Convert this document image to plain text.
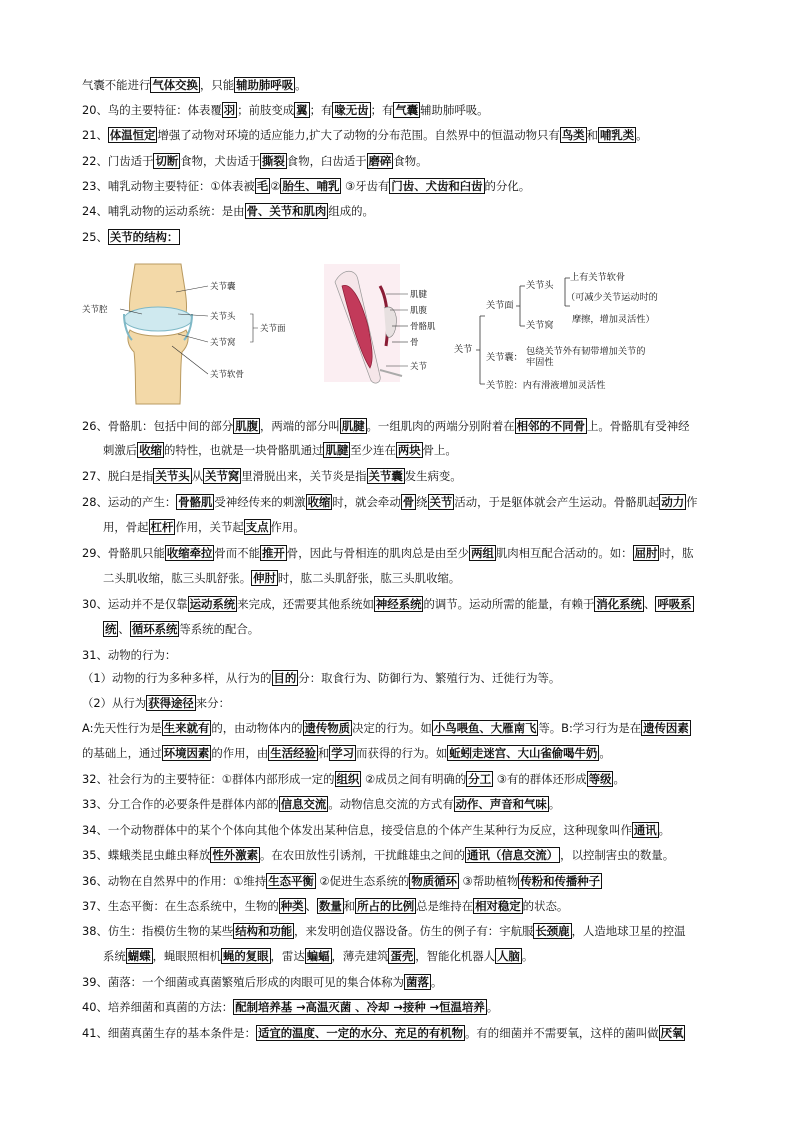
气囊不能进行 气体交换 ，只能 辅助肺呼吸 。
20、鸟的主要特征：体表覆 羽 ；前肢变成 翼 ；有 喙无齿 ；有 气囊 辅助肺呼吸。
21、 体温恒定 增强了动物对环境的适应能力,扩大了动物的分布范围。自然界中的恒温动物只有 鸟类 和 哺乳类 。
22、门齿适于 切断 食物，犬齿适于 撕裂 食物，臼齿适于 磨碎 食物。
23、哺乳动物主要特征：①体表被 毛 ② 胎生、哺乳 ③牙齿有 门齿、犬齿和臼齿 的分化。
24、哺乳动物的运动系统：是由 骨、关节和肌肉 组成的。
25、 关节的结构：
关节囊
关节腔
关节头
关节窝
关节软骨
关节面
肌腱
肌腹
骨骼肌
骨
关节
关节
关节面
关节头
关节窝
上有关节软骨
（可减少关节运动时的
摩擦，增加灵活性）
关节囊：
包绕关节外有韧带增加关节的
牢固性
关节腔：内有滑液增加灵活性
26、骨骼肌：包括中间的部分 肌腹 ，两端的部分叫 肌腱 。一组肌肉的两端分别附着在 相邻的不同骨 上。骨骼肌有受神经
刺激后 收缩 的特性，也就是一块骨骼肌通过 肌腱 至少连在 两块 骨上。
27、脱臼是指 关节头 从 关节窝 里滑脱出来，关节炎是指 关节囊 发生病变。
28、运动的产生： 骨骼肌 受神经传来的刺激 收缩 时，就会牵动 骨 绕 关节 活动，于是躯体就会产生运动。骨骼肌起 动力 作
用，骨起 杠杆 作用，关节起 支点 作用。
29、骨骼肌只能 收缩牵拉 骨而不能 推开 骨，因此与骨相连的肌肉总是由至少 两组 肌肉相互配合活动的。如： 屈肘 时，肱
二头肌收缩，肱三头肌舒张。 伸肘 时，肱二头肌舒张，肱三头肌收缩。
30、运动并不是仅靠 运动系统 来完成，还需要其他系统如 神经系统 的调节。运动所需的能量，有赖于 消化系统 、 呼吸系
统 、 循环系统 等系统的配合。
31、动物的行为：
（1）动物的行为多种多样，从行为的 目的 分：取食行为、防御行为、繁殖行为、迁徙行为等。
（2）从行为 获得途径 来分：
A:先天性行为是 生来就有 的，由动物体内的 遗传物质 决定的行为。如 小鸟喂鱼、大雁南飞 等。B:学习行为是在 遗传因素
的基础上，通过 环境因素 的作用，由 生活经验 和 学习 而获得的行为。如 蚯蚓走迷宫、大山雀偷喝牛奶 。
32、社会行为的主要特征：①群体内部形成一定的 组织 ②成员之间有明确的 分工 ③有的群体还形成 等级 。
33、分工合作的必要条件是群体内部的 信息交流 。动物信息交流的方式有 动作、声音和气味 。
34、一个动物群体中的某个个体向其他个体发出某种信息，接受信息的个体产生某种行为反应，这种现象叫作 通讯 。
35、蝶蛾类昆虫雌虫释放 性外激素 。在农田放性引诱剂，干扰雌雄虫之间的 通讯（信息交流） ，以控制害虫的数量。
36、动物在自然界中的作用：①维持 生态平衡 ②促进生态系统的 物质循环 ③帮助植物 传粉和传播种子
37、生态平衡：在生态系统中，生物的 种类 、 数量 和 所占的比例 总是维持在 相对稳定 的状态。
38、仿生：指模仿生物的某些 结构和功能 ，来发明创造仪器设备。仿生的例子有：宇航服 长颈鹿 ，人造地球卫星的控温
系统 蝴蝶 ，蝇眼照相机 蝇的复眼 ，雷达 蝙蝠 ，薄壳建筑 蛋壳 ，智能化机器人 人脑 。
39、菌落：一个细菌或真菌繁殖后形成的肉眼可见的集合体称为 菌落 。
40、培养细菌和真菌的方法： 配制培养基 →高温灭菌 、冷却 →接种 →恒温培养 。
41、细菌真菌生存的基本条件是：适宜的温度、一定的水分、充足的有机物 。有的细菌并不需要氧，这样的菌叫做 厌氧
